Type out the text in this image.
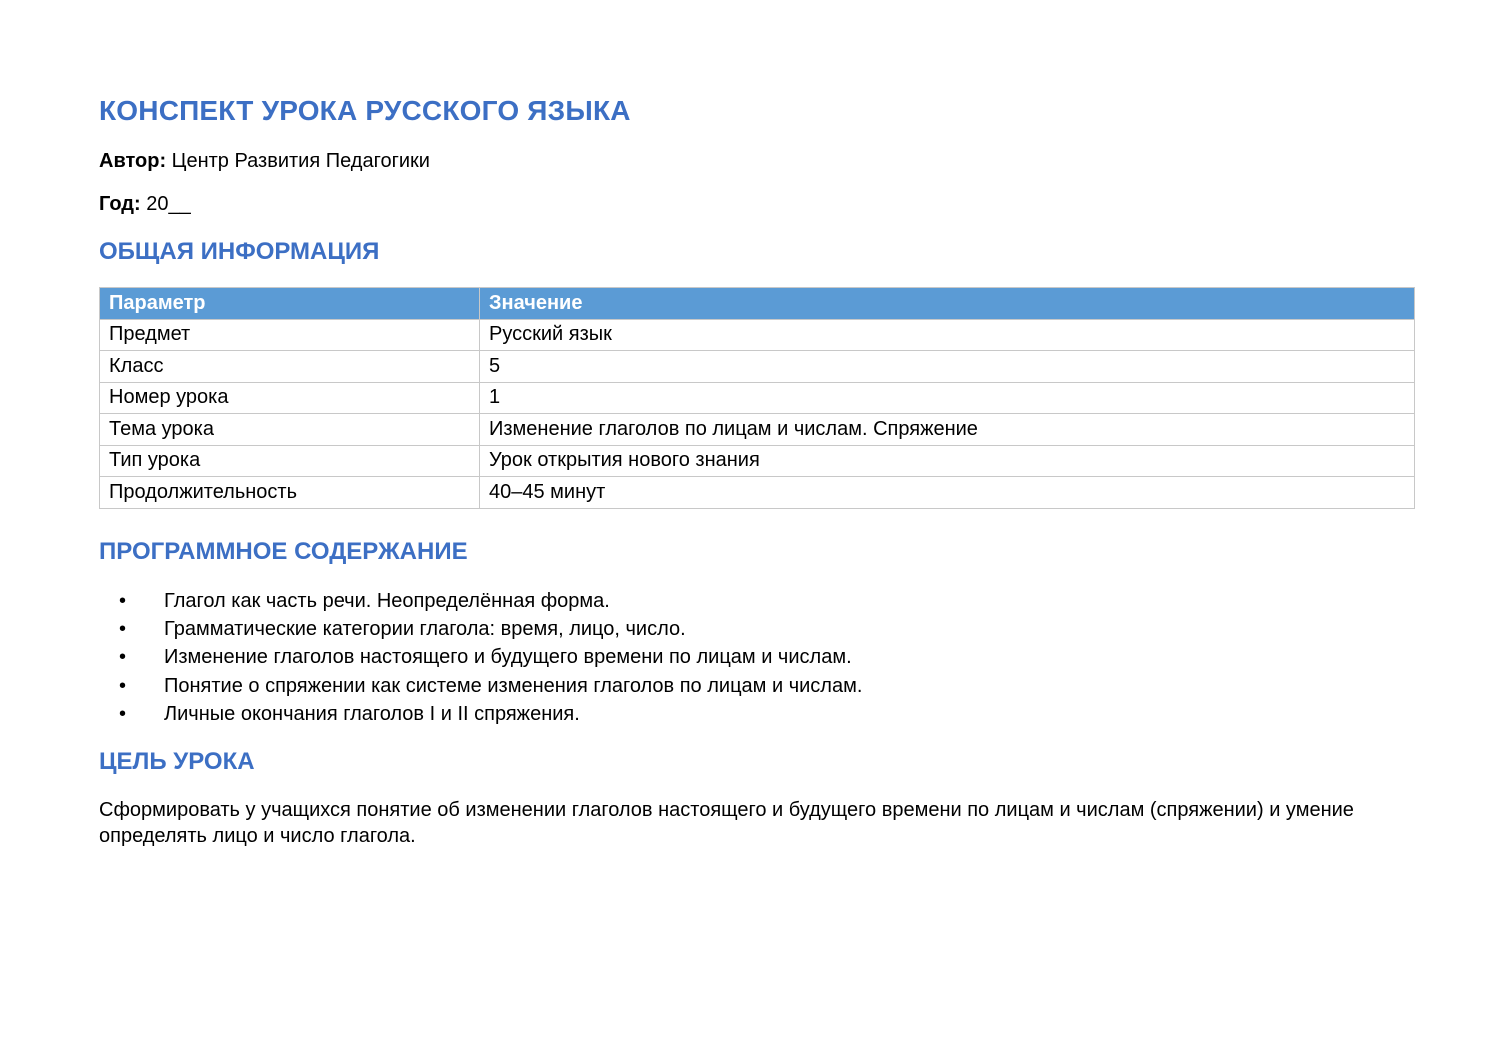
КОНСПЕКТ УРОКА РУССКОГО ЯЗЫКА
Автор: Центр Развития Педагогики
Год: 20__
ОБЩАЯ ИНФОРМАЦИЯ
Параметр	Значение
Предмет	Русский язык
Класс	5
Номер урока	1
Тема урока	Изменение глаголов по лицам и числам. Спряжение
Тип урока	Урок открытия нового знания
Продолжительность	40–45 минут
ПРОГРАММНОЕ СОДЕРЖАНИЕ
• Глагол как часть речи. Неопределённая форма.
• Грамматические категории глагола: время, лицо, число.
• Изменение глаголов настоящего и будущего времени по лицам и числам.
• Понятие о спряжении как системе изменения глаголов по лицам и числам.
• Личные окончания глаголов I и II спряжения.
ЦЕЛЬ УРОКА

Сформировать у учащихся понятие об изменении глаголов настоящего и будущего времени по лицам и числам (спряжении) и умение определять лицо и число глагола.
